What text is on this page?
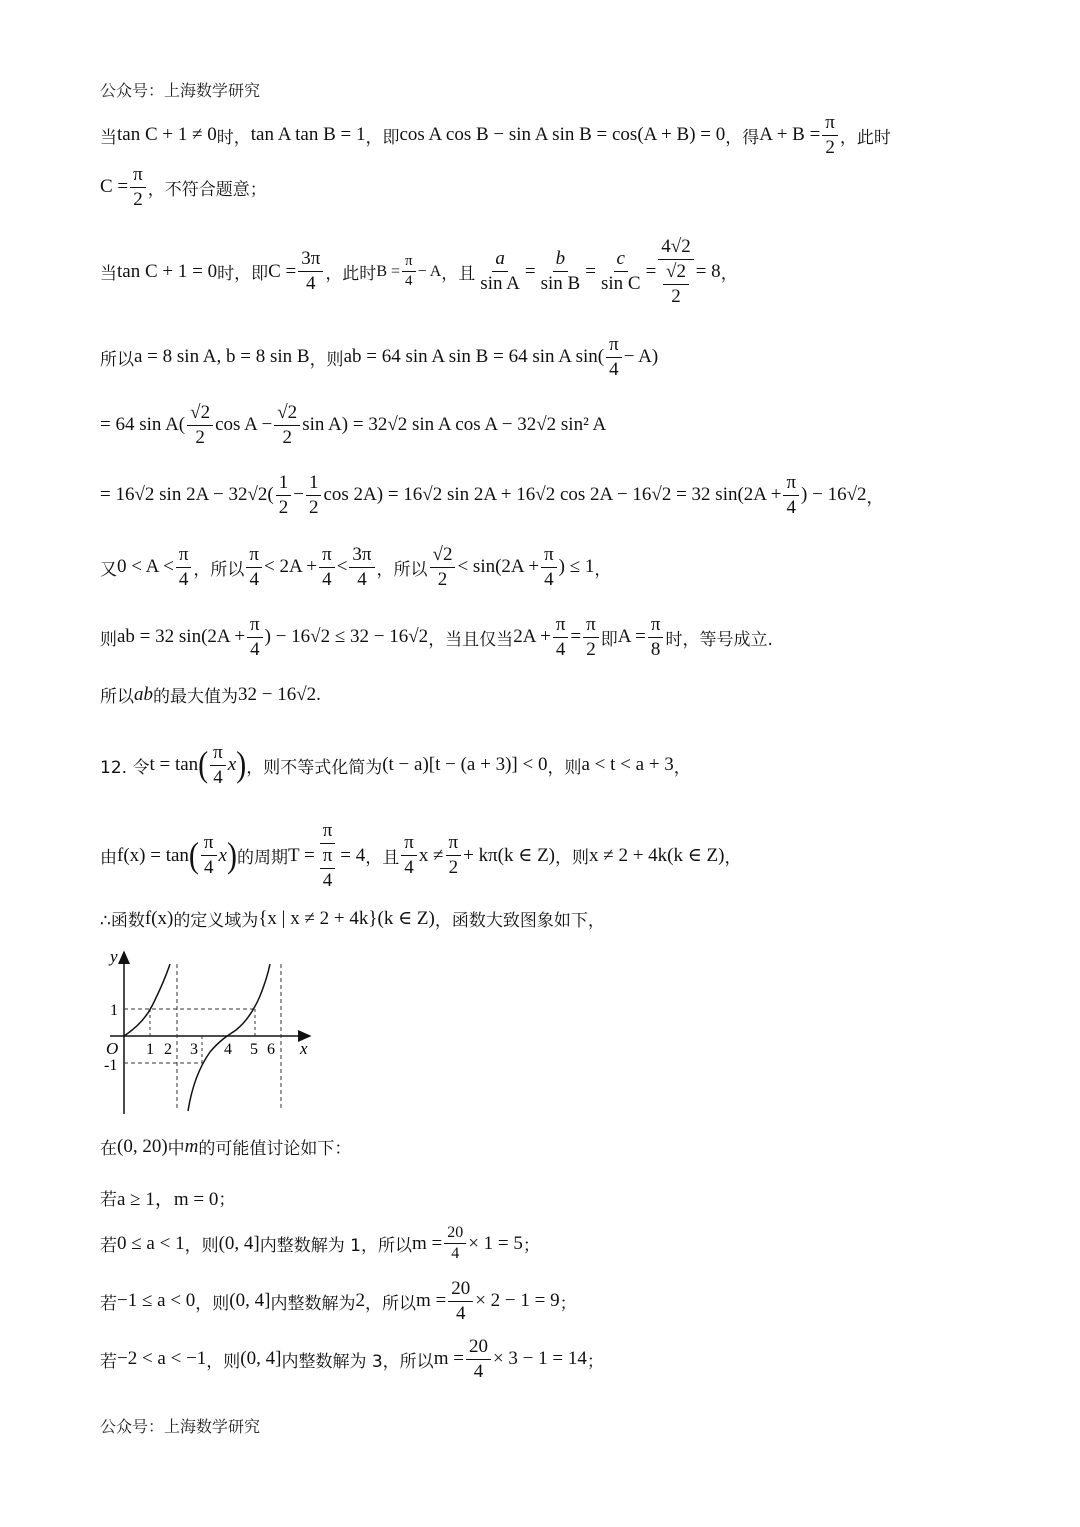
公众号：上海数学研究
当 tan C + 1 ≠ 0 时， tan A tan B = 1 ，即 cos A cos B − sin A sin B = cos(A + B) = 0 ，得 $A + B = \frac{\pi}{2}$ ，此时
$C = \frac{\pi}{2}$ ，不符合题意；
当 tan C + 1 = 0 时，即 $C = \frac{3\pi}{4}$ ，此时 $B = \frac{\pi}{4} - A$ ，且 $\frac{a}{\text{sin A}} = \frac{b}{\text{sin B}} = \frac{c}{\text{sin C}} = \frac{4√2}{\frac{√2}{2}} = 8$ ，
所以 a = 8 sin A, b = 8 sin B ，则 ab = 64 sin A sin B = 64 sin A $\sin( \frac{\pi}{4} - A)$
= 64 $\sin A( \frac{√2}{2}$ $\cos A - \frac{√2}{2}$ sin A) = 32√2 sin A cos A − 32√2 sin² A
= 16√2 $\sin 2A - 32√2( \frac{1}{2} - \frac{1}{2}$ cos 2A) = 16√2 sin 2A + 16√2 cos 2A − 16√2 = 32 $\sin(2A + \frac{\pi}{4}$ ) − 16√2 ，
又 $0 < A < \frac{\pi}{4}$ ，所以 $\frac{\pi}{4} < 2A + \frac{\pi}{4} < \frac{3\pi}{4}$ ，所以 $\frac{√2}{2} < \sin(2A + \frac{\pi}{4}$ ) ≤ 1 ，
则 ab = 32 $\sin(2A + \frac{\pi}{4}$ ) − 16√2 ≤ 32 − 16√2 ，当且仅当 $2A + \frac{\pi}{4} = \frac{\pi}{2}$ 即 $A = \frac{\pi}{8}$ 时，等号成立.
所以 ab 的最大值为 32 − 16√2 .
12. 令 t = tan ( $\frac{\pi}{4}$ x ) ，则不等式化简为 (t − a)[t − (a + 3)] < 0 ，则 a < t < a + 3 ，
由 f(x) = tan ( $\frac{\pi}{4}$ x ) 的周期 $T = \frac{\pi}{\frac{\pi}{4}} = 4$ ，且 $\frac{\pi}{4}$ $x \ne \frac{\pi}{2} + k\pi(k$ ∈ Z) ，则 x ≠ 2 + 4k(k ∈ Z) ，
∴函数 f(x) 的定义域为 {x | x ≠ 2 + 4k}(k ∈ Z) ，函数大致图象如下，
y
x
O
1
-1
1 2 3 4 5 6
在 (0, 20) 中 m 的可能值讨论如下：
若 a ≥ 1，m = 0 ；
若 0 ≤ a < 1 ，则 (0, 4] 内整数解为 1，所以 $m = \frac{20}{4} \times 1 = 5$ ；
若 −1 ≤ a < 0 ，则 (0, 4] 内整数解为 2 ，所以 $m = \frac{20}{4} \times 2 - 1 = 9$ ；
若 −2 < a < −1 ，则 (0, 4] 内整数解为 3，所以 $m = \frac{20}{4} \times 3 - 1 = 14$ ；
公众号：上海数学研究
